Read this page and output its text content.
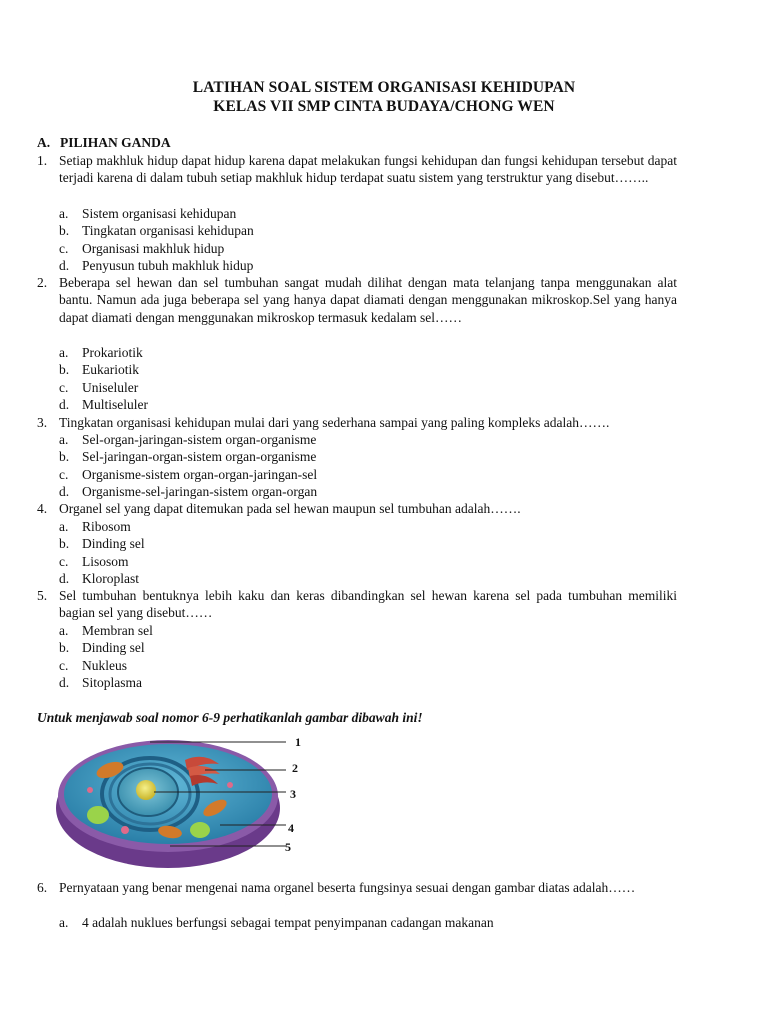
LATIHAN SOAL SISTEM ORGANISASI KEHIDUPAN
KELAS VII SMP CINTA BUDAYA/CHONG WEN
A. PILIHAN GANDA
1. Setiap makhluk hidup dapat hidup karena dapat melakukan fungsi kehidupan dan fungsi kehidupan tersebut dapat terjadi karena di dalam tubuh setiap makhluk hidup terdapat suatu sistem yang terstruktur yang disebut……..
a. Sistem organisasi kehidupan
b. Tingkatan organisasi kehidupan
c. Organisasi makhluk hidup
d. Penyusun tubuh makhluk hidup
2. Beberapa sel hewan dan sel tumbuhan sangat mudah dilihat dengan mata telanjang tanpa menggunakan alat bantu. Namun ada juga beberapa sel yang hanya dapat diamati dengan menggunakan mikroskop.Sel yang hanya dapat diamati dengan menggunakan mikroskop termasuk kedalam sel……
a. Prokariotik
b. Eukariotik
c. Uniseluler
d. Multiseluler
3. Tingkatan organisasi kehidupan mulai dari yang sederhana sampai yang paling kompleks adalah…….
a. Sel-organ-jaringan-sistem organ-organisme
b. Sel-jaringan-organ-sistem organ-organisme
c. Organisme-sistem organ-organ-jaringan-sel
d. Organisme-sel-jaringan-sistem organ-organ
4. Organel sel yang dapat ditemukan pada sel hewan maupun sel tumbuhan adalah…….
a. Ribosom
b. Dinding sel
c. Lisosom
d. Kloroplast
5. Sel tumbuhan bentuknya lebih kaku dan keras dibandingkan sel hewan karena sel pada tumbuhan memiliki bagian sel yang disebut……
a. Membran sel
b. Dinding sel
c. Nukleus
d. Sitoplasma
Untuk menjawab soal nomor 6-9 perhatikanlah gambar dibawah ini!
1
2
3
4
5
6. Pernyataan yang benar mengenai nama organel beserta fungsinya sesuai dengan gambar diatas adalah……
a. 4 adalah nuklues berfungsi sebagai tempat penyimpanan cadangan makanan
